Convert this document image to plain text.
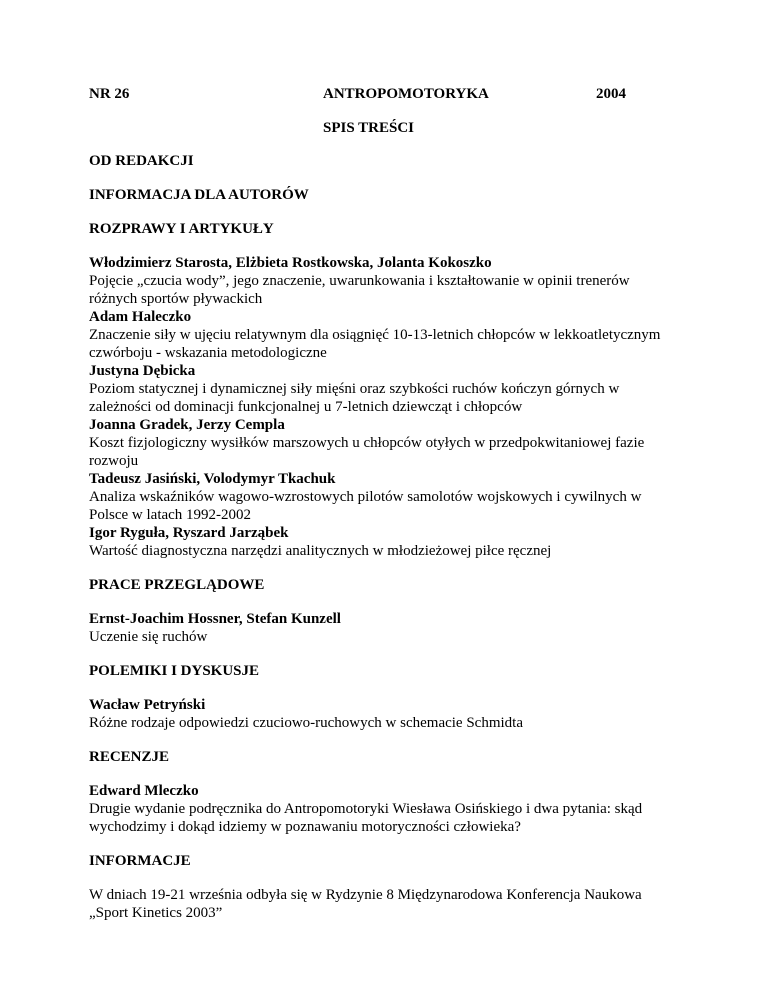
NR 26	ANTROPOMOTORYKA	2004
SPIS TREŚCI

OD REDAKCJI

INFORMACJA DLA AUTORÓW

ROZPRAWY I ARTYKUŁY

Włodzimierz Starosta, Elżbieta Rostkowska, Jolanta Kokoszko

Pojęcie „czucia wody”, jego znaczenie, uwarunkowania i kształtowanie w opinii trenerów różnych sportów pływackich

Adam Haleczko

Znaczenie siły w ujęciu relatywnym dla osiągnięć 10-13-letnich chłopców w lekkoatletycznym czwórboju - wskazania metodologiczne

Justyna Dębicka

Poziom statycznej i dynamicznej siły mięśni oraz szybkości ruchów kończyn górnych w zależności od dominacji funkcjonalnej u 7-letnich dziewcząt i chłopców

Joanna Gradek, Jerzy Cempla

Koszt fizjologiczny wysiłków marszowych u chłopców otyłych w przedpokwitaniowej fazie rozwoju

Tadeusz Jasiński, Volodymyr Tkachuk

Analiza wskaźników wagowo-wzrostowych pilotów samolotów wojskowych i cywilnych w Polsce w latach 1992-2002

Igor Ryguła, Ryszard Jarząbek

Wartość diagnostyczna narzędzi analitycznych w młodzieżowej piłce ręcznej

PRACE PRZEGLĄDOWE

Ernst-Joachim Hossner, Stefan Kunzell

Uczenie się ruchów

POLEMIKI I DYSKUSJE

Wacław Petryński

Różne rodzaje odpowiedzi czuciowo-ruchowych w schemacie Schmidta

RECENZJE

Edward Mleczko

Drugie wydanie podręcznika do Antropomotoryki Wiesława Osińskiego i dwa pytania: skąd wychodzimy i dokąd idziemy w poznawaniu motoryczności człowieka?

INFORMACJE

W dniach 19-21 września odbyła się w Rydzynie 8 Międzynarodowa Konferencja Naukowa „Sport Kinetics 2003”
